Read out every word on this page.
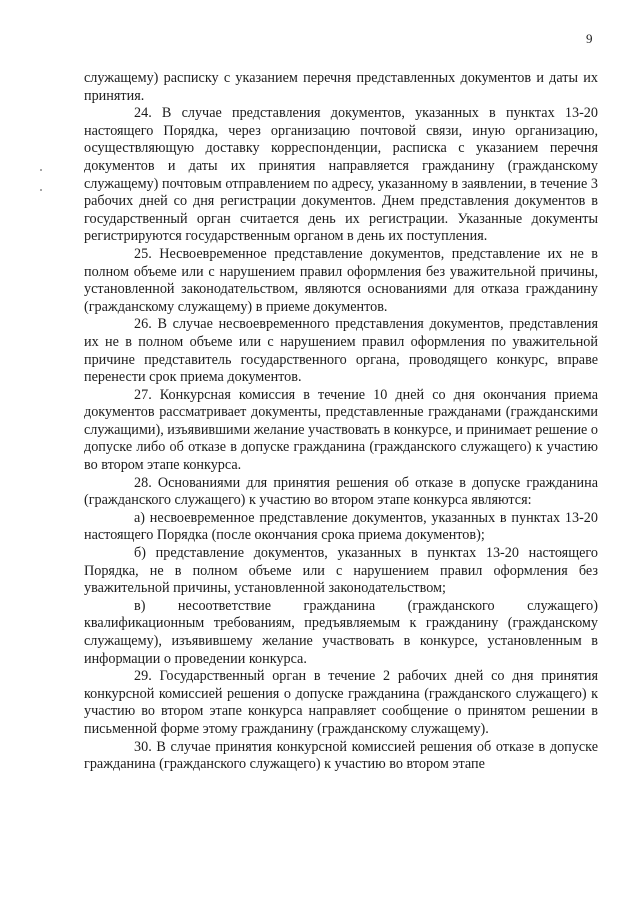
9

служащему) расписку с указанием перечня представленных документов и даты их принятия.

24. В случае представления документов, указанных в пунктах 13-20 настоящего Порядка, через организацию почтовой связи, иную организацию, осуществляющую доставку корреспонденции, расписка с указанием перечня документов и даты их принятия направляется гражданину (гражданскому служащему) почтовым отправлением по адресу, указанному в заявлении, в течение 3 рабочих дней со дня регистрации документов. Днем представления документов в государственный орган считается день их регистрации. Указанные документы регистрируются государственным органом в день их поступления.

25. Несвоевременное представление документов, представление их не в полном объеме или с нарушением правил оформления без уважительной причины, установленной законодательством, являются основаниями для отказа гражданину (гражданскому служащему) в приеме документов.

26. В случае несвоевременного представления документов, представления их не в полном объеме или с нарушением правил оформления по уважительной причине представитель государственного органа, проводящего конкурс, вправе перенести срок приема документов.

27. Конкурсная комиссия в течение 10 дней со дня окончания приема документов рассматривает документы, представленные гражданами (гражданскими служащими), изъявившими желание участвовать в конкурсе, и принимает решение о допуске либо об отказе в допуске гражданина (гражданского служащего) к участию во втором этапе конкурса.

28. Основаниями для принятия решения об отказе в допуске гражданина (гражданского служащего) к участию во втором этапе конкурса являются:

а) несвоевременное представление документов, указанных в пунктах 13-20 настоящего Порядка (после окончания срока приема документов);

б) представление документов, указанных в пунктах 13-20 настоящего Порядка, не в полном объеме или с нарушением правил оформления без уважительной причины, установленной законодательством;

в) несоответствие гражданина (гражданского служащего) квалификационным требованиям, предъявляемым к гражданину (гражданскому служащему), изъявившему желание участвовать в конкурсе, установленным в информации о проведении конкурса.

29. Государственный орган в течение 2 рабочих дней со дня принятия конкурсной комиссией решения о допуске гражданина (гражданского служащего) к участию во втором этапе конкурса направляет сообщение о принятом решении в письменной форме этому гражданину (гражданскому служащему).

30. В случае принятия конкурсной комиссией решения об отказе в допуске гражданина (гражданского служащего) к участию во втором этапе
